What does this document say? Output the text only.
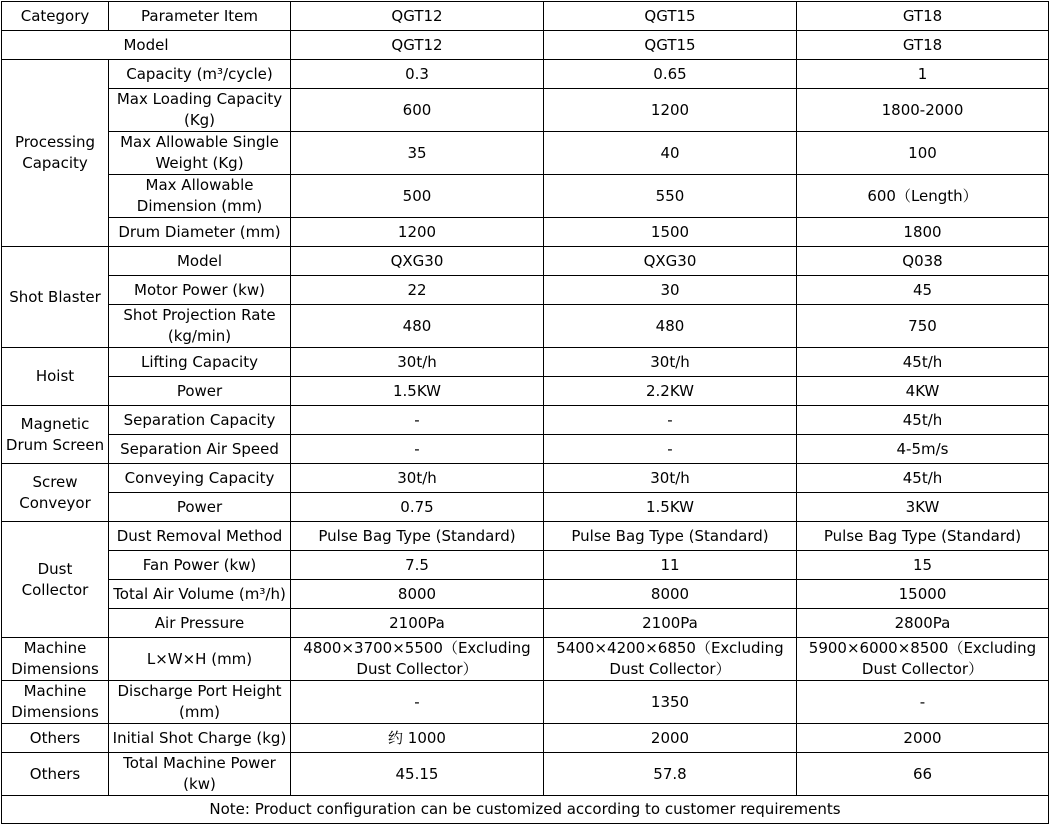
Category	Parameter Item	QGT12	QGT15	GT18
Model		QGT12	QGT15	GT18
Processing Capacity	Capacity (m³/cycle)	0.3	0.65	1
	Max Loading Capacity (Kg)	600	1200	1800-2000
	Max Allowable Single Weight (Kg)	35	40	100
	Max Allowable Dimension (mm)	500	550	600（Length）
	Drum Diameter (mm)	1200	1500	1800
Shot Blaster	Model	QXG30	QXG30	Q038
	Motor Power (kw)	22	30	45
	Shot Projection Rate (kg/min)	480	480	750
Hoist	Lifting Capacity	30t/h	30t/h	45t/h
	Power	1.5KW	2.2KW	4KW
Magnetic Drum Screen	Separation Capacity	-	-	45t/h
	Separation Air Speed	-	-	4-5m/s
Screw Conveyor	Conveying Capacity	30t/h	30t/h	45t/h
	Power	0.75	1.5KW	3KW
Dust Collector	Dust Removal Method	Pulse Bag Type (Standard)	Pulse Bag Type (Standard)	Pulse Bag Type (Standard)
	Fan Power (kw)	7.5	11	15
	Total Air Volume (m³/h)	8000	8000	15000
	Air Pressure	2100Pa	2100Pa	2800Pa
Machine Dimensions	L×W×H (mm)	4800×3700×5500（Excluding Dust Collector）	5400×4200×6850（Excluding Dust Collector）	5900×6000×8500（Excluding Dust Collector）
Machine Dimensions	Discharge Port Height (mm)	-	1350	-
Others	Initial Shot Charge (kg)	约 1000	2000	2000
Others	Total Machine Power (kw)	45.15	57.8	66
Note: Product configuration can be customized according to customer requirements				
